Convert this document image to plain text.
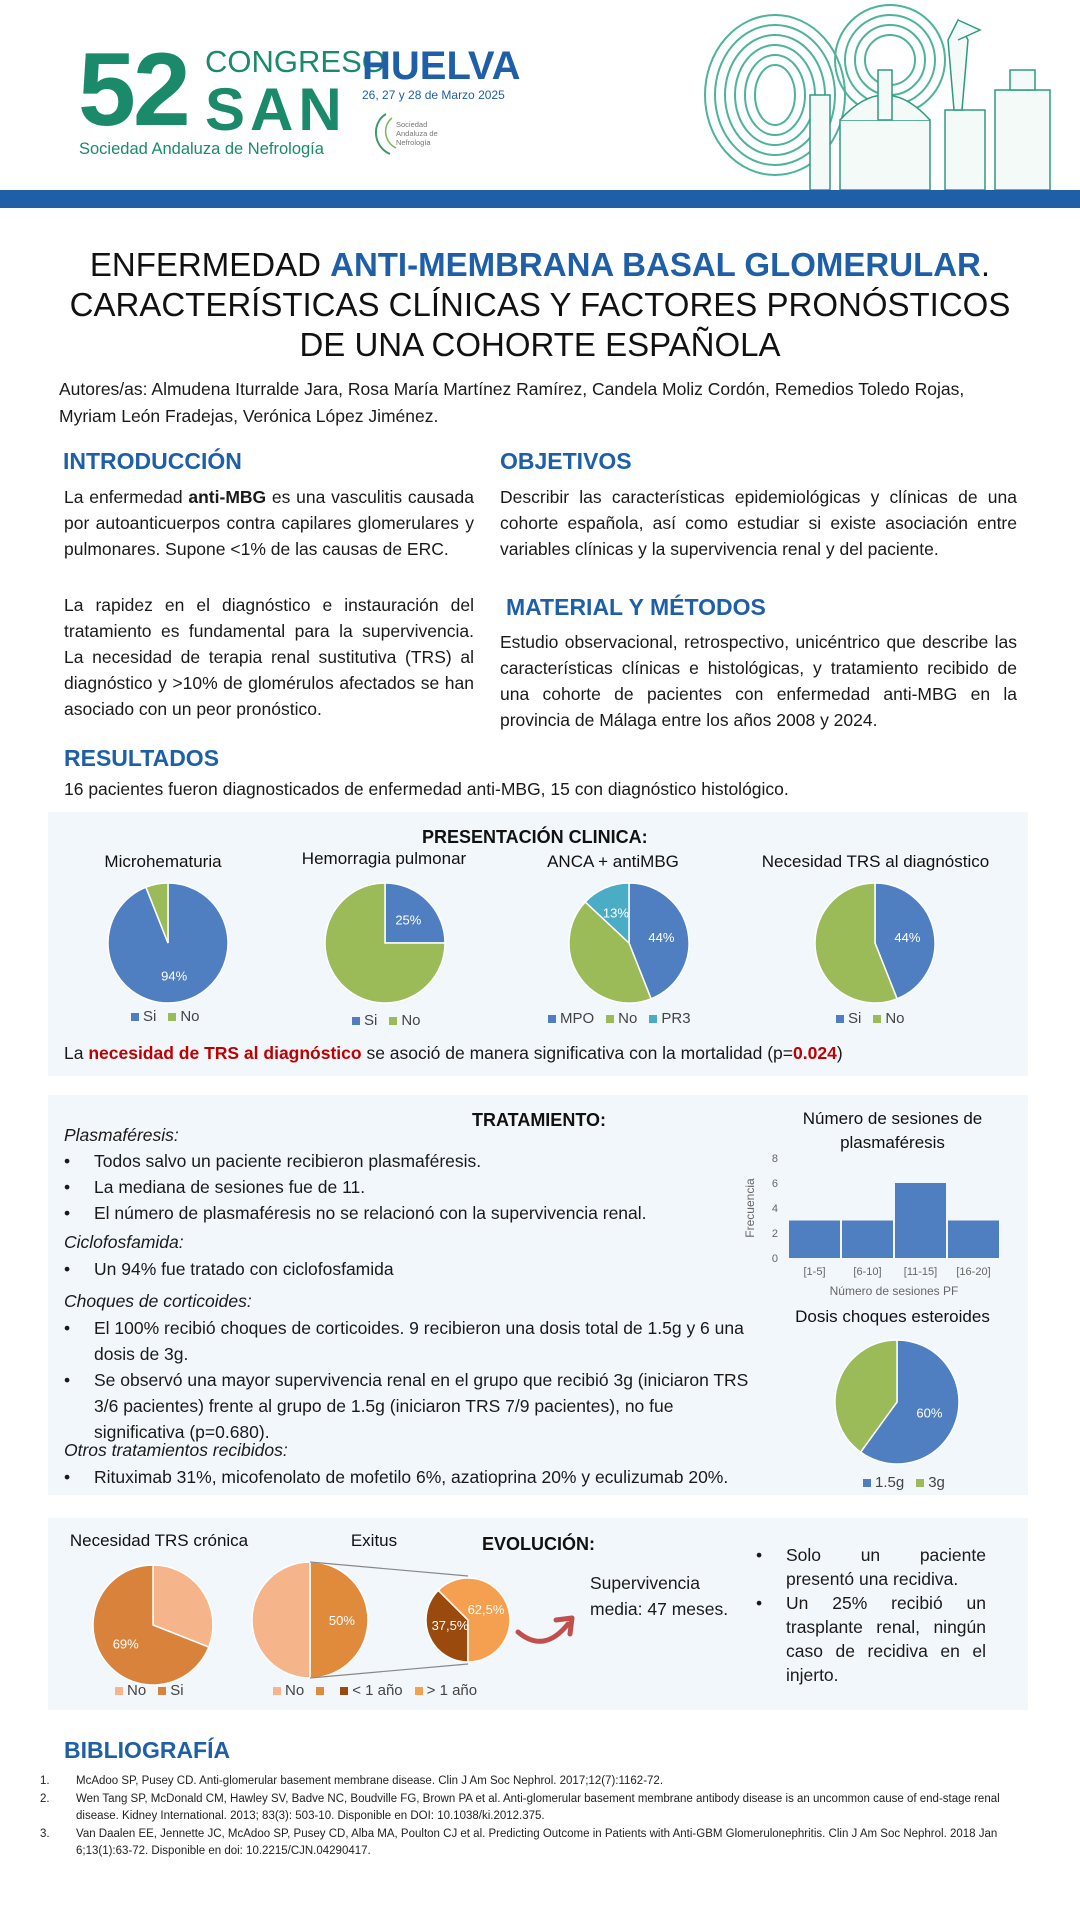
52 CONGRESO
SAN
Sociedad Andaluza de Nefrología
HUELVA
26, 27 y 28 de Marzo 2025
Sociedad Andaluza de Nefrología
ENFERMEDAD ANTI-MEMBRANA BASAL GLOMERULAR.
CARACTERÍSTICAS CLÍNICAS Y FACTORES PRONÓSTICOS
DE UNA COHORTE ESPAÑOLA
Autores/as: Almudena Iturralde Jara, Rosa María Martínez Ramírez, Candela Moliz Cordón, Remedios Toledo Rojas, Myriam León Fradejas, Verónica López Jiménez.
INTRODUCCIÓN
La enfermedad anti-MBG es una vasculitis causada por autoanticuerpos contra capilares glomerulares y pulmonares. Supone <1% de las causas de ERC.
La rapidez en el diagnóstico e instauración del tratamiento es fundamental para la supervivencia. La necesidad de terapia renal sustitutiva (TRS) al diagnóstico y >10% de glomérulos afectados se han asociado con un peor pronóstico.
OBJETIVOS
Describir las características epidemiológicas y clínicas de una cohorte española, así como estudiar si existe asociación entre variables clínicas y la supervivencia renal y del paciente.
MATERIAL Y MÉTODOS
Estudio observacional, retrospectivo, unicéntrico que describe las características clínicas e histológicas, y tratamiento recibido de una cohorte de pacientes con enfermedad anti-MBG en la provincia de Málaga entre los años 2008 y 2024.
RESULTADOS
16 pacientes fueron diagnosticados de enfermedad anti-MBG, 15 con diagnóstico histológico.
PRESENTACIÓN CLINICA:
Microhematuria	Hemorragia pulmonar	ANCA + antiMBG	Necesidad TRS al diagnóstico
94%
25%
44%
13%
44%
Si No	Si No	MPO No PR3	Si No
La necesidad de TRS al diagnóstico se asoció de manera significativa con la mortalidad (p=0.024)
TRATAMIENTO:
Plasmaféresis:
• Todos salvo un paciente recibieron plasmaféresis.
• La mediana de sesiones fue de 11.
• El número de plasmaféresis no se relacionó con la supervivencia renal.
Ciclofosfamida:
• Un 94% fue tratado con ciclofosfamida
Choques de corticoides:
• El 100% recibió choques de corticoides. 9 recibieron una dosis total de 1.5g y 6 una dosis de 3g.
• Se observó una mayor supervivencia renal en el grupo que recibió 3g (iniciaron TRS 3/6 pacientes) frente al grupo de 1.5g (iniciaron TRS 7/9 pacientes), no fue significativa (p=0.680).
Otros tratamientos recibidos:
• Rituximab 31%, micofenolato de mofetilo 6%, azatioprina 20% y eculizumab 20%.
Número de sesiones de plasmaféresis
0
2
4
6
8
[1-5]	[6-10] [11-15] [16-20]
Número de sesiones PF
Frecuencia
Dosis choques esteroides
60%
1.5g 3g
EVOLUCIÓN:
Necesidad TRS crónica	Exitus
69%
No Si
50%	37,5%
62,5%
No	< 1 año > 1 año
Supervivencia media: 47 meses.
• Solo un paciente presentó una recidiva.
• Un 25% recibió un trasplante renal, ningún caso de recidiva en el injerto.
BIBLIOGRAFÍA
1. McAdoo SP, Pusey CD. Anti-glomerular basement membrane disease. Clin J Am Soc Nephrol. 2017;12(7):1162-72.
2. Wen Tang SP, McDonald CM, Hawley SV, Badve NC, Boudville FG, Brown PA et al. Anti-glomerular basement membrane antibody disease is an uncommon cause of end-stage renal disease. Kidney International. 2013; 83(3): 503-10. Disponible en DOI: 10.1038/ki.2012.375.
3. Van Daalen EE, Jennette JC, McAdoo SP, Pusey CD, Alba MA, Poulton CJ et al. Predicting Outcome in Patients with Anti-GBM Glomerulonephritis. Clin J Am Soc Nephrol. 2018 Jan 6;13(1):63-72. Disponible en doi: 10.2215/CJN.04290417.
